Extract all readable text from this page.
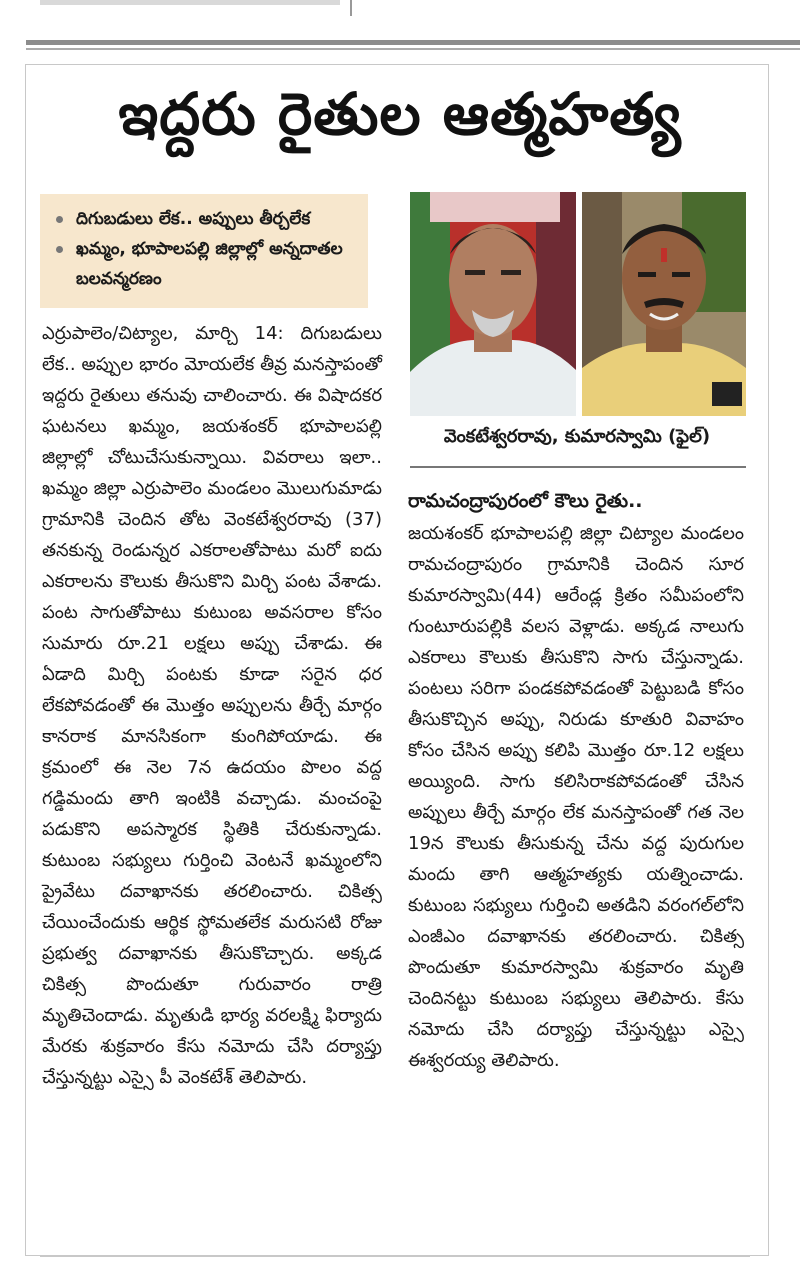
ఇద్దరు రైతుల ఆత్మహత్య
దిగుబడులు లేక.. అప్పులు తీర్చలేక
ఖమ్మం, భూపాలపల్లి జిల్లాల్లో అన్నదాతల బలవన్మరణం

ఎర్రుపాలెం/చిట్యాల, మార్చి 14: దిగుబడులు లేక.. అప్పుల భారం మోయలేక తీవ్ర మనస్తాపంతో ఇద్దరు రైతులు తనువు చాలించారు. ఈ విషాదకర ఘటనలు ఖమ్మం, జయశంకర్ భూపాలపల్లి జిల్లాల్లో చోటుచేసుకున్నాయి. వివరాలు ఇలా.. ఖమ్మం జిల్లా ఎర్రుపాలెం మండలం మొలుగుమాడు గ్రామానికి చెందిన తోట వెంకటేశ్వరరావు (37) తనకున్న రెండున్నర ఎకరాలతోపాటు మరో ఐదు ఎకరాలను కౌలుకు తీసుకొని మిర్చి పంట వేశాడు. పంట సాగుతోపాటు కుటుంబ అవసరాల కోసం సుమారు రూ.21 లక్షలు అప్పు చేశాడు. ఈ ఏడాది మిర్చి పంటకు కూడా సరైన ధర లేకపోవడంతో ఈ మొత్తం అప్పులను తీర్చే మార్గం కానరాక మానసికంగా కుంగిపోయాడు. ఈ క్రమంలో ఈ నెల 7న ఉదయం పొలం వద్ద గడ్డిమందు తాగి ఇంటికి వచ్చాడు. మంచంపై పడుకొని అపస్మారక స్థితికి చేరుకున్నాడు. కుటుంబ సభ్యులు గుర్తించి వెంటనే ఖమ్మంలోని ప్రైవేటు దవాఖానకు తరలించారు. చికిత్స చేయించేందుకు ఆర్థిక స్థోమతలేక మరుసటి రోజు ప్రభుత్వ దవాఖానకు తీసుకొచ్చారు. అక్కడ చికిత్స పొందుతూ గురువారం రాత్రి మృతిచెందాడు. మృతుడి భార్య వరలక్ష్మి ఫిర్యాదు మేరకు శుక్రవారం కేసు నమోదు చేసి దర్యాప్తు చేస్తున్నట్టు ఎస్సై పీ వెంకటేశ్ తెలిపారు.

వెంకటేశ్వరరావు, కుమారస్వామి (ఫైల్)
రామచంద్రాపురంలో కౌలు రైతు..

జయశంకర్ భూపాలపల్లి జిల్లా చిట్యాల మండలం రామచంద్రాపురం గ్రామానికి చెందిన సూర కుమారస్వామి(44) ఆరేండ్ల క్రితం సమీపంలోని గుంటూరుపల్లికి వలస వెళ్లాడు. అక్కడ నాలుగు ఎకరాలు కౌలుకు తీసుకొని సాగు చేస్తున్నాడు. పంటలు సరిగా పండకపోవడంతో పెట్టుబడి కోసం తీసుకొచ్చిన అప్పు, నిరుడు కూతురి వివాహం కోసం చేసిన అప్పు కలిపి మొత్తం రూ.12 లక్షలు అయ్యింది. సాగు కలిసిరాకపోవడంతో చేసిన అప్పులు తీర్చే మార్గం లేక మనస్తాపంతో గత నెల 19న కౌలుకు తీసుకున్న చేను వద్ద పురుగుల మందు తాగి ఆత్మహత్యకు యత్నించాడు. కుటుంబ సభ్యులు గుర్తించి అతడిని వరంగల్‌లోని ఎంజీఎం దవాఖానకు తరలించారు. చికిత్స పొందుతూ కుమారస్వామి శుక్రవారం మృతి చెందినట్టు కుటుంబ సభ్యులు తెలిపారు. కేసు నమోదు చేసి దర్యాప్తు చేస్తున్నట్టు ఎస్సై ఈశ్వరయ్య తెలిపారు.
